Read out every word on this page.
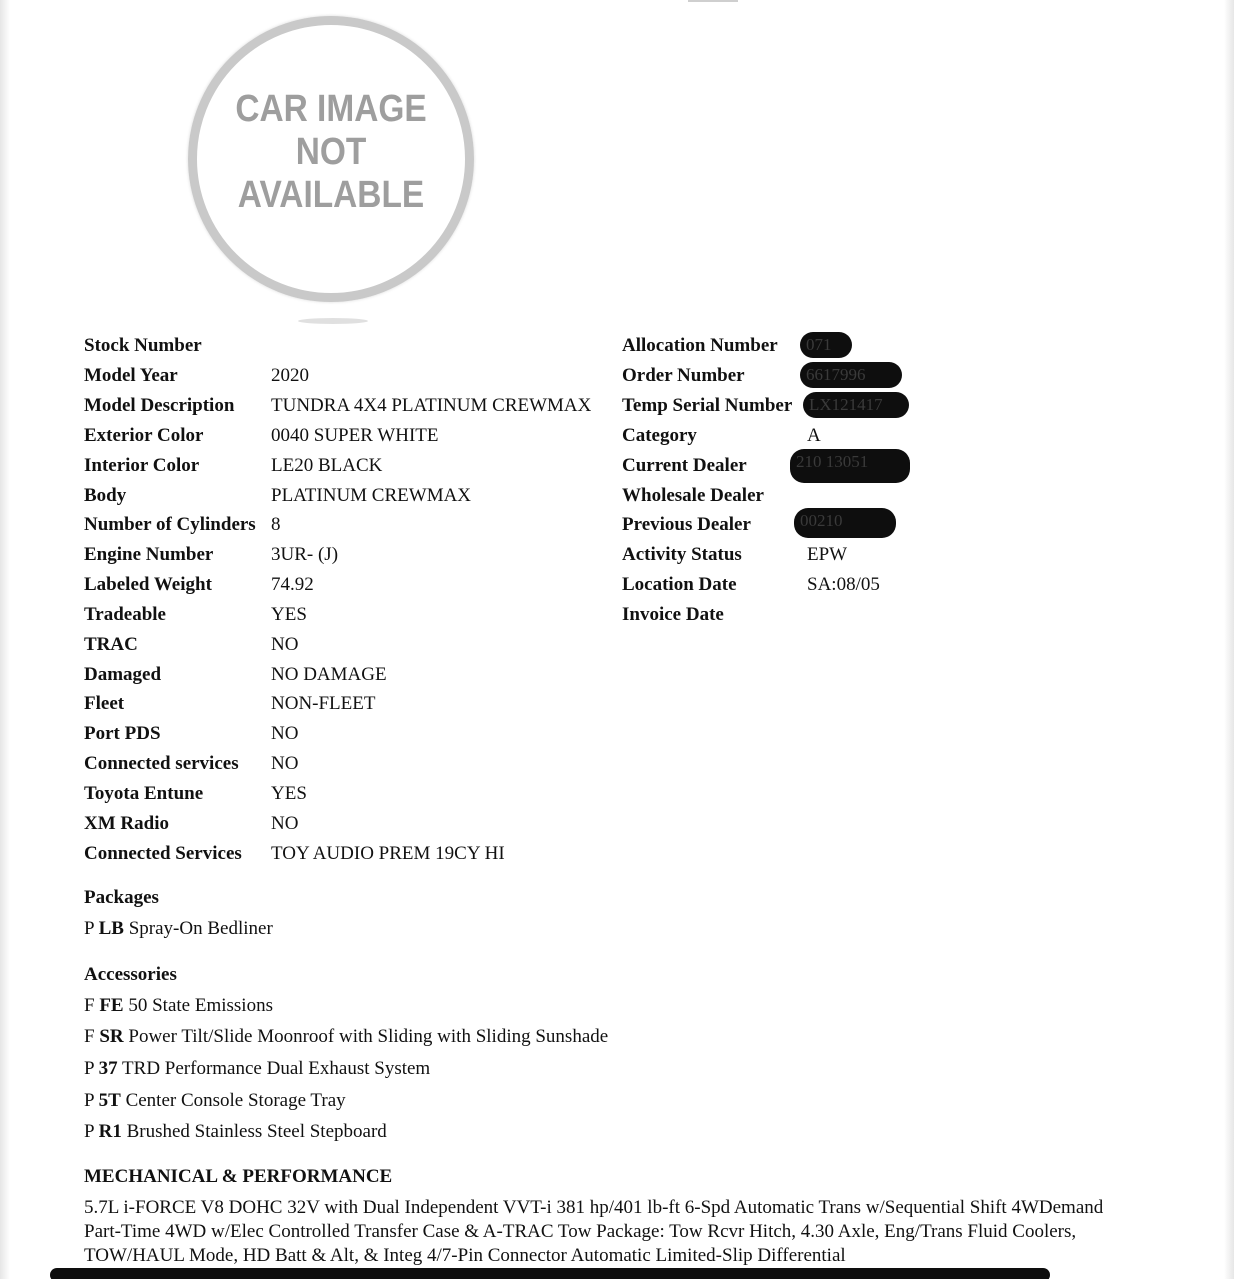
CAR IMAGE
NOT
AVAILABLE
Stock Number
Model Year	2020
Model Description TUNDRA 4X4 PLATINUM CREWMAX
Exterior Color	0040 SUPER WHITE
Interior Color	LE20 BLACK
Body	PLATINUM CREWMAX
Number of Cylinders 8
Engine Number	3UR- (J)
Labeled Weight	74.92
Tradeable	YES
TRAC	NO
Damaged	NO DAMAGE
Fleet	NON-FLEET
Port PDS	NO
Connected services NO
Toyota Entune	YES
XM Radio	NO
Connected Services TOY AUDIO PREM 19CY HI
Allocation Number	071
Order Number	6617996
Temp Serial Number LX121417
Category	A
Current Dealer	210 13051
Wholesale Dealer
Previous Dealer	00210
Activity Status	EPW
Location Date	SA:08/05
Invoice Date
Packages
P LB Spray-On Bedliner
Accessories
F FE 50 State Emissions
F SR Power Tilt/Slide Moonroof with Sliding with Sliding Sunshade
P 37 TRD Performance Dual Exhaust System
P 5T Center Console Storage Tray
P R1 Brushed Stainless Steel Stepboard
MECHANICAL & PERFORMANCE
5.7L i-FORCE V8 DOHC 32V with Dual Independent VVT-i 381 hp/401 lb-ft 6-Spd Automatic Trans w/Sequential Shift 4WDemand Part-Time 4WD w/Elec Controlled Transfer Case & A-TRAC Tow Package: Tow Rcvr Hitch, 4.30 Axle, Eng/Trans Fluid Coolers, TOW/HAUL Mode, HD Batt & Alt, & Integ 4/7-Pin Connector Automatic Limited-Slip Differential
